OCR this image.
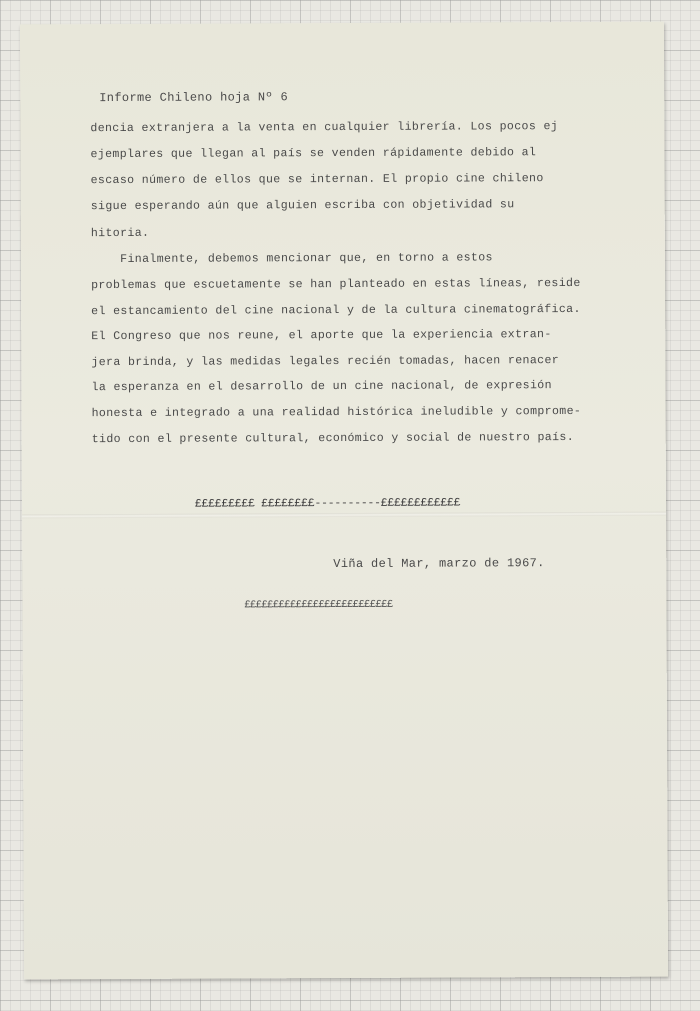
Informe Chileno hoja Nº 6
dencia extranjera a la venta en cualquier librería. Los pocos ej
ejemplares que llegan al país se venden rápidamente debido al
escaso número de ellos que se internan. El propio cine chileno
sigue esperando aún que alguien escriba con objetividad su
hitoria.
Finalmente, debemos mencionar que, en torno a estos
problemas que escuetamente se han planteado en estas líneas, reside
el estancamiento del cine nacional y de la cultura cinematográfica.
El Congreso que nos reune, el aporte que la experiencia extran-
jera brinda, y las medidas legales recién tomadas, hacen renacer
la esperanza en el desarrollo de un cine nacional, de expresión
honesta e integrado a una realidad histórica ineludible y comprome-
tido con el presente cultural, económico y social de nuestro país.
£££££££££ ££££££££----------££££££££££££
Viña del Mar, marzo de 1967.
££££££££££££££££££££££££££
